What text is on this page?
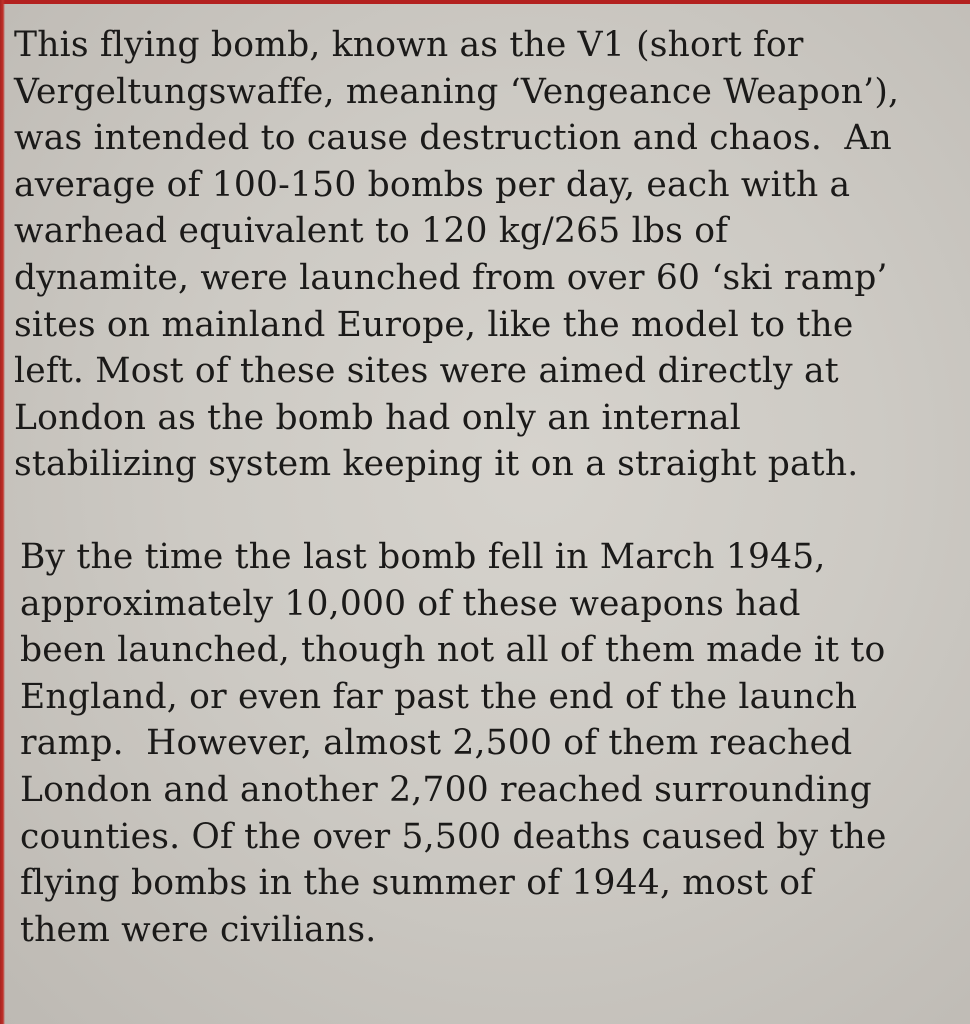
This flying bomb, known as the V1 (short for
Vergeltungswaffe, meaning ‘Vengeance Weapon’),
was intended to cause destruction and chaos.  An
average of 100-150 bombs per day, each with a
warhead equivalent to 120 kg/265 lbs of
dynamite, were launched from over 60 ‘ski ramp’
sites on mainland Europe, like the model to the
left. Most of these sites were aimed directly at
London as the bomb had only an internal
stabilizing system keeping it on a straight path.
By the time the last bomb fell in March 1945,
approximately 10,000 of these weapons had
been launched, though not all of them made it to
England, or even far past the end of the launch
ramp.  However, almost 2,500 of them reached
London and another 2,700 reached surrounding
counties. Of the over 5,500 deaths caused by the
flying bombs in the summer of 1944, most of
them were civilians.
